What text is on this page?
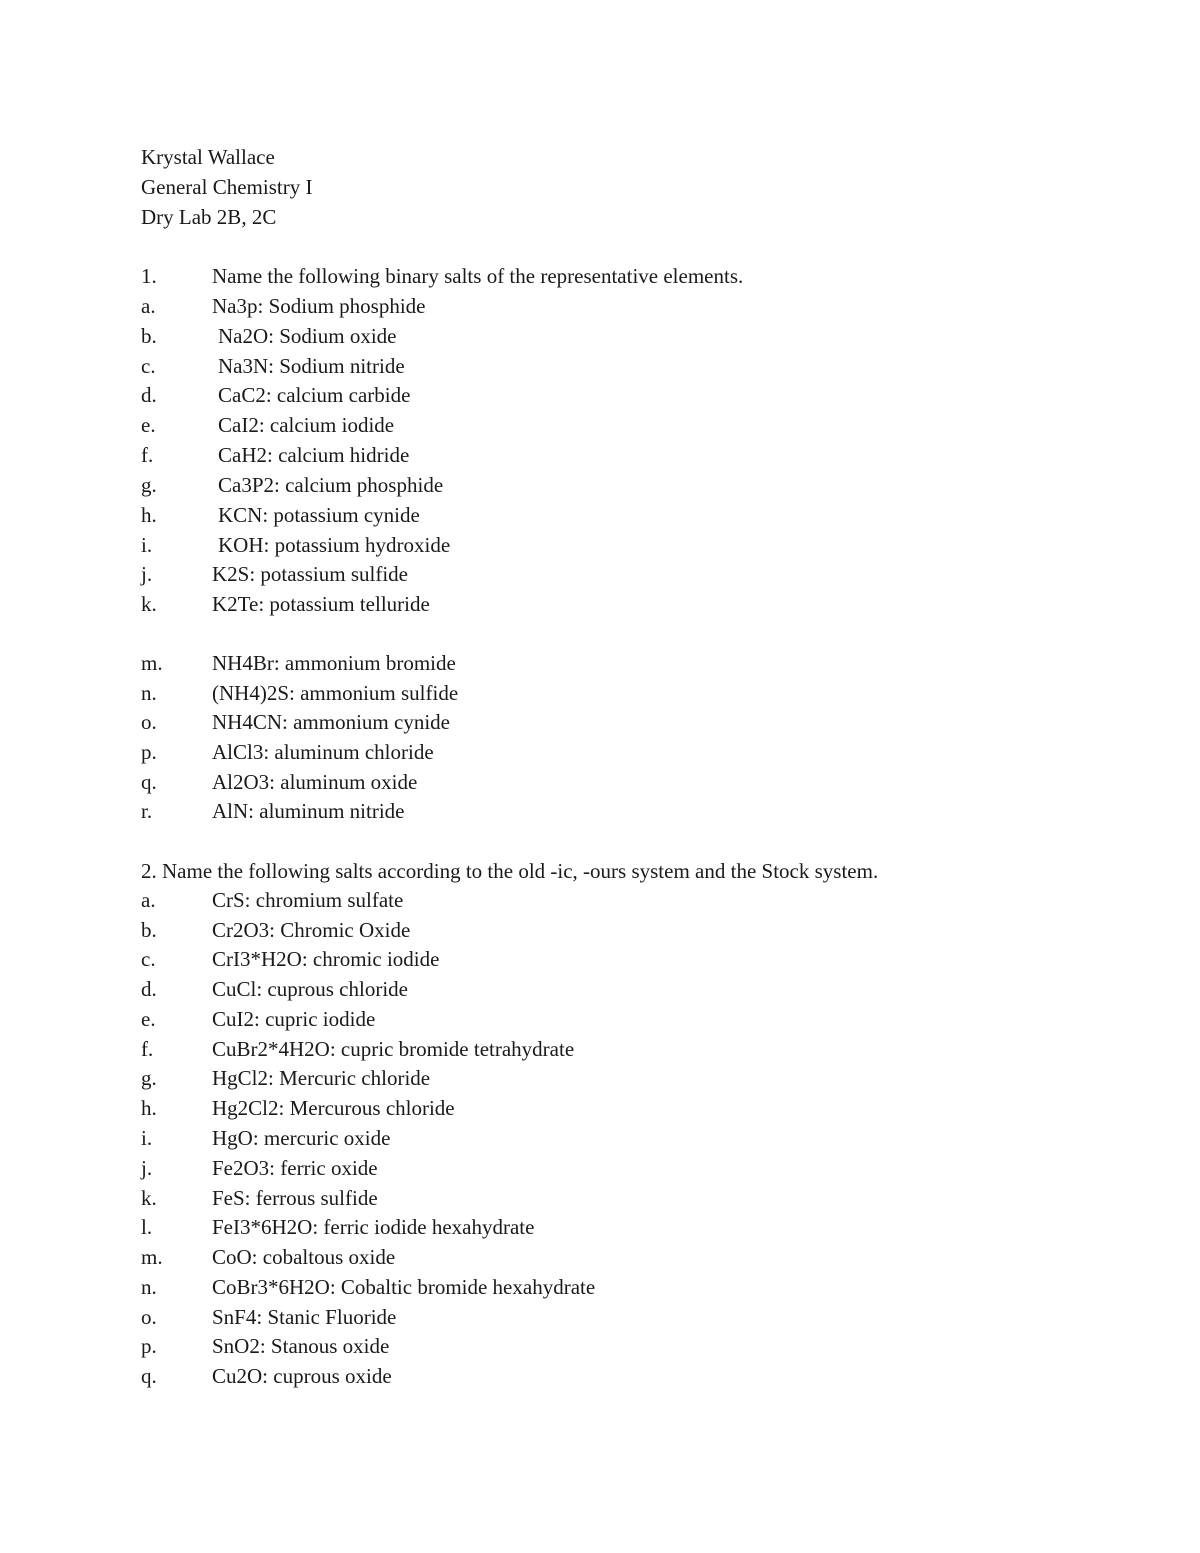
Krystal Wallace
General Chemistry I
Dry Lab 2B, 2C
1.	Name the following binary salts of the representative elements.
a.	Na3p: Sodium phosphide
b.	Na2O: Sodium oxide
c.	Na3N: Sodium nitride
d.	CaC2: calcium carbide
e.	CaI2: calcium iodide
f.	CaH2: calcium hidride
g.	Ca3P2: calcium phosphide
h.	KCN: potassium cynide
i.	KOH: potassium hydroxide
j.	K2S: potassium sulfide
k.	K2Te: potassium telluride
m. NH4Br: ammonium bromide
n.	(NH4)2S: ammonium sulfide
o.	NH4CN: ammonium cynide
p.	AlCl3: aluminum chloride
q.	Al2O3: aluminum oxide
r.	AlN: aluminum nitride
2. Name the following salts according to the old -ic, -ours system and the Stock system.
a.	CrS: chromium sulfate
b.	Cr2O3: Chromic Oxide
c.	CrI3*H2O: chromic iodide
d.	CuCl: cuprous chloride
e.	CuI2: cupric iodide
f.	CuBr2*4H2O: cupric bromide tetrahydrate
g.	HgCl2: Mercuric chloride
h.	Hg2Cl2: Mercurous chloride
i.	HgO: mercuric oxide
j.	Fe2O3: ferric oxide
k.	FeS: ferrous sulfide
l.	FeI3*6H2O: ferric iodide hexahydrate
m. CoO: cobaltous oxide
n.	CoBr3*6H2O: Cobaltic bromide hexahydrate
o.	SnF4: Stanic Fluoride
p.	SnO2: Stanous oxide
q.	Cu2O: cuprous oxide
